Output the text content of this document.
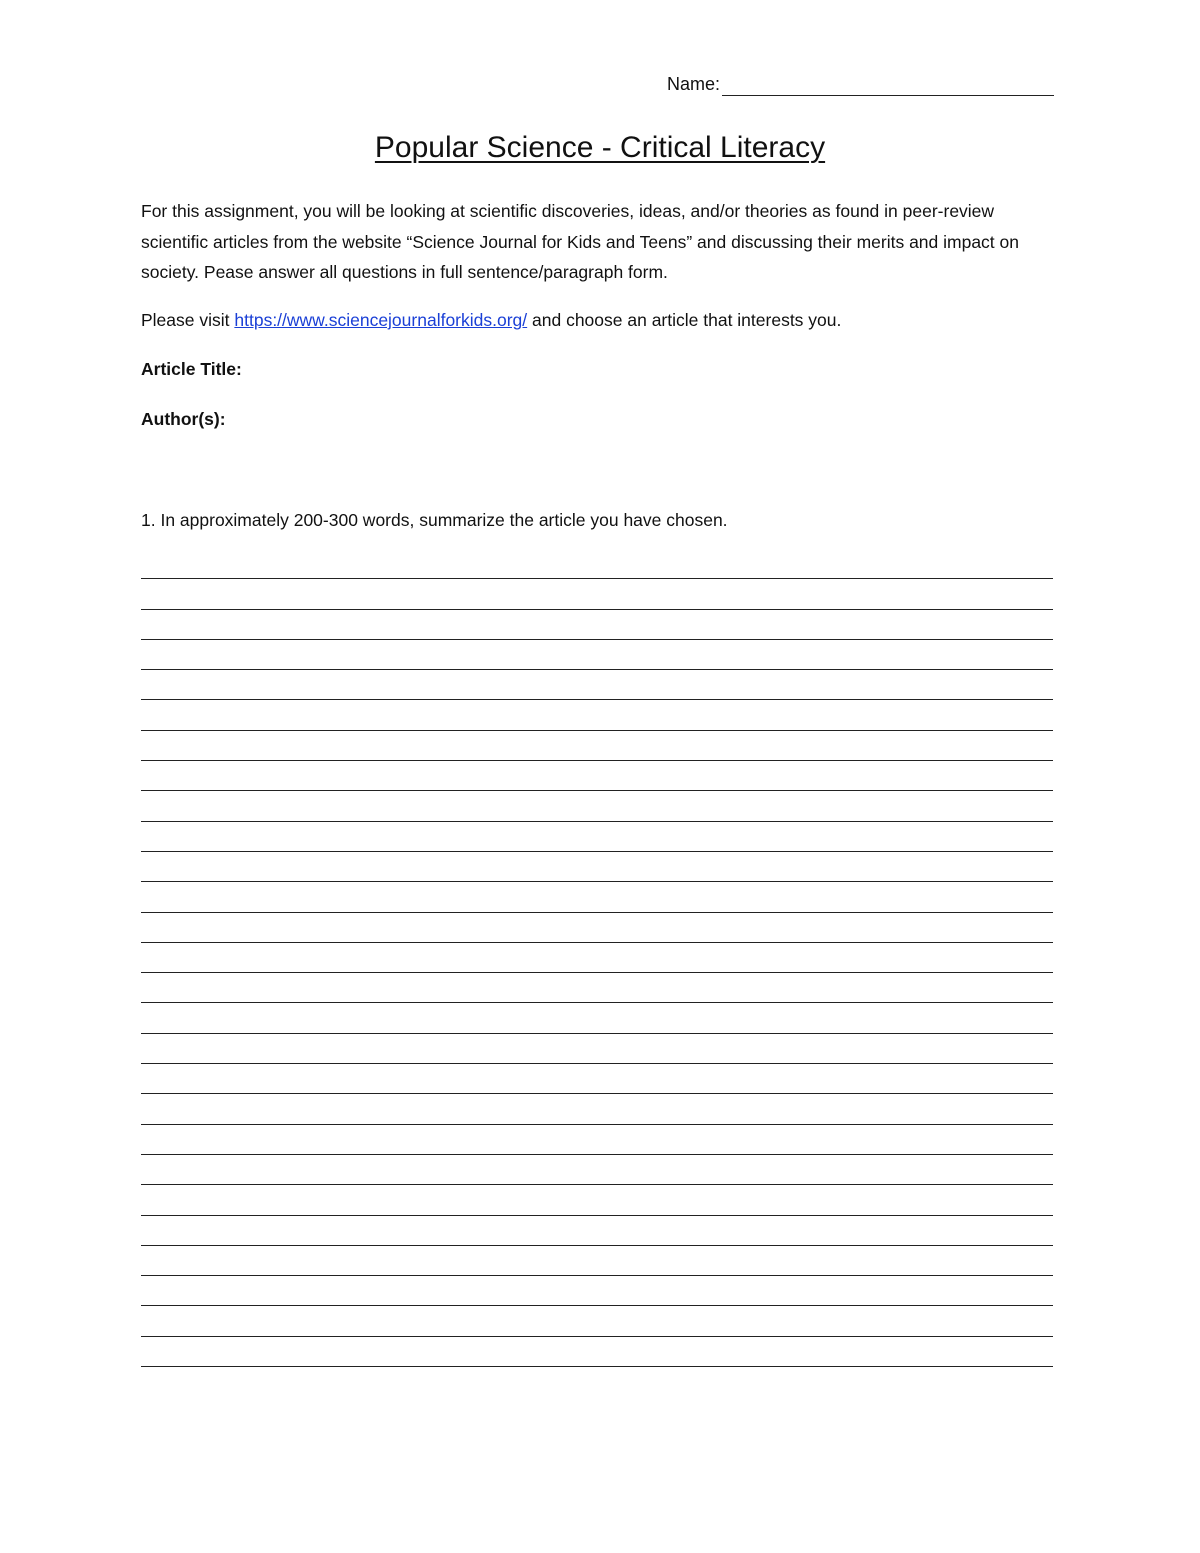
Name:
Popular Science - Critical Literacy

For this assignment, you will be looking at scientific discoveries, ideas, and/or theories as found in peer-review scientific articles from the website “Science Journal for Kids and Teens” and discussing their merits and impact on society. Pease answer all questions in full sentence/paragraph form.

Please visit https://www.sciencejournalforkids.org/ and choose an article that interests you.

Article Title:

Author(s):

1. In approximately 200-300 words, summarize the article you have chosen.
